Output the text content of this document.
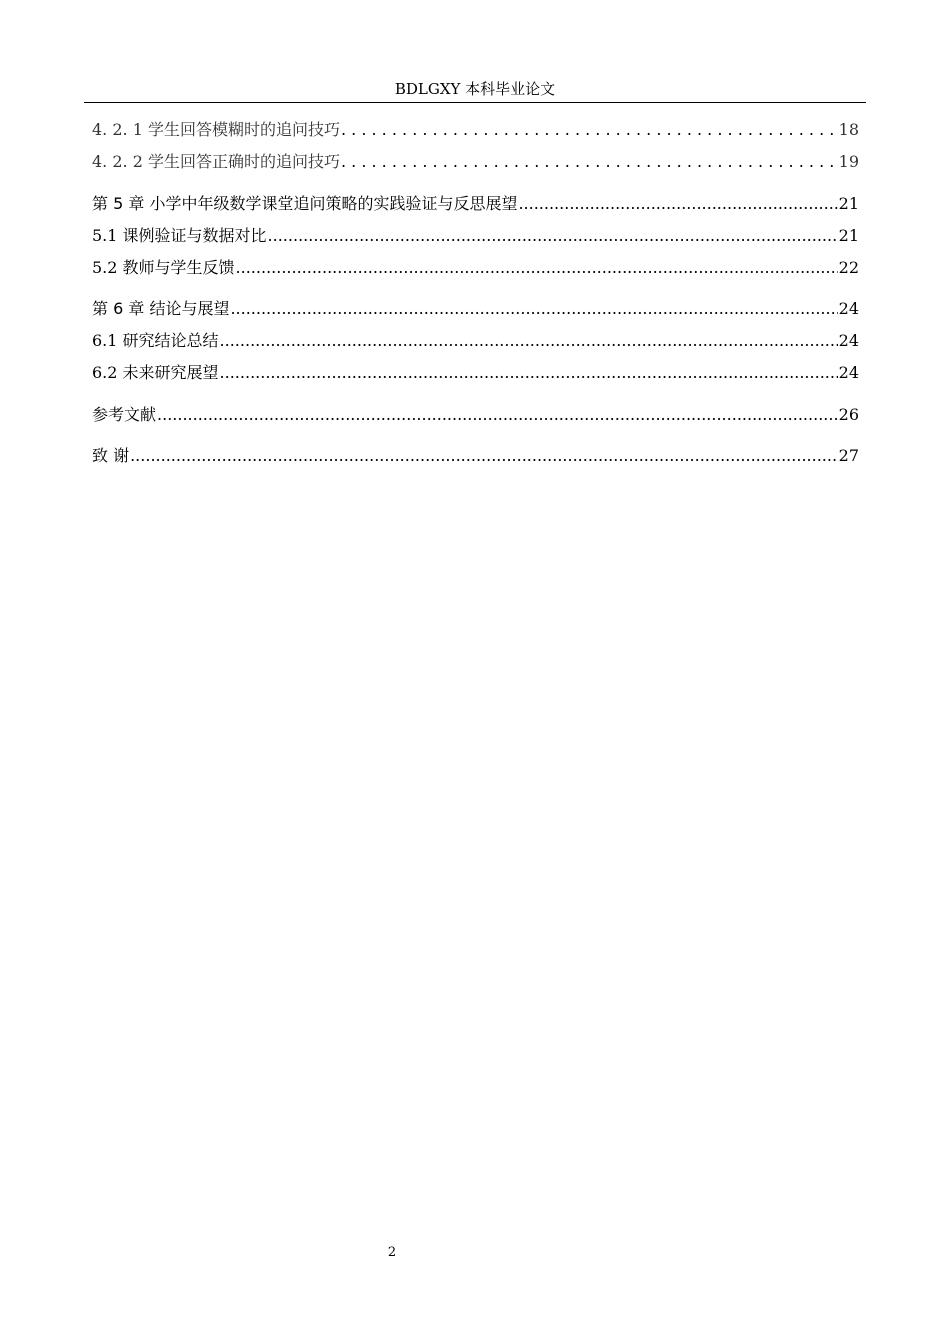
BDLGXY 本科毕业论文
4. 2. 1 学生回答模糊时的追问技巧 . . .	18
4. 2. 2 学生回答正确时的追问技巧 . . .	19
第 5 章 小学中年级数学课堂追问策略的实践验证与反思展望 .....	21
5.1 课例验证与数据对比 .....	21
5.2 教师与学生反馈 .....	22
第 6 章 结论与展望 .....	24
6.1 研究结论总结 .....	24
6.2 未来研究展望 .....	24
参考文献 .....	26
致 谢 .....	27
2
